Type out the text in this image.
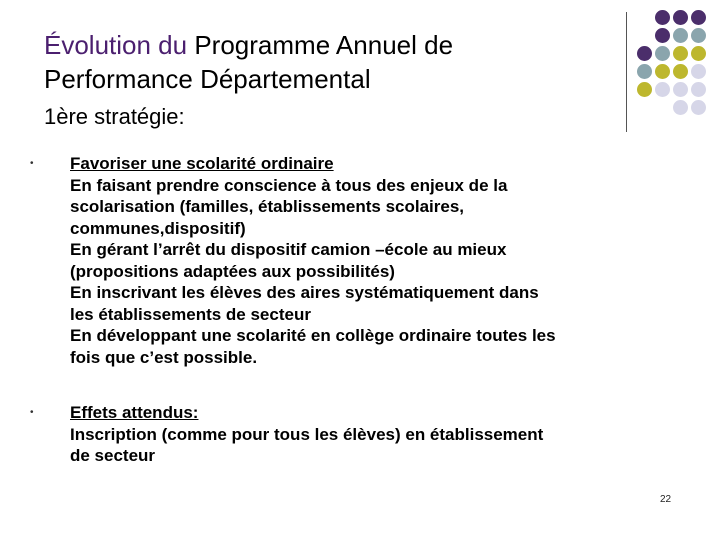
Évolution du Programme Annuel de
Performance Départemental
1ère stratégie:
• Favoriser une scolarité ordinaire
En faisant prendre conscience à tous des enjeux de la
scolarisation (familles, établissements scolaires,
communes,dispositif)
En gérant l’arrêt du dispositif camion –école au mieux
(propositions adaptées aux possibilités)
En inscrivant les élèves des aires systématiquement dans
les établissements de secteur
En développant une scolarité en collège ordinaire toutes les
fois que c’est possible.
• Effets attendus:
Inscription (comme pour tous les élèves) en établissement
de secteur
22
